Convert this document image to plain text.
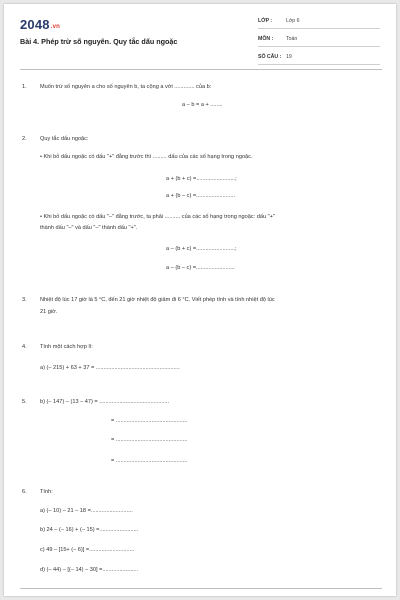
2048.vn
Bài 4. Phép trừ số nguyên. Quy tắc dấu ngoặc
LỚP :	Lớp 6
MÔN :	Toán
SỐ CÂU : 19
1. Muốn trừ số nguyên a cho số nguyên b, ta cộng a với ............. của b:
a – b = a + ........
2. Quy tắc dấu ngoặc:
• Khi bỏ dấu ngoặc có dấu "+" đằng trước thì ......... dấu của các số hạng trong ngoặc.
a + (b + c) =.........................;
a + (b – c) =.........................
• Khi bỏ dấu ngoặc có dấu "–" đằng trước, ta phải .......... của các số hạng trong ngoặc: dấu "+"
thành dấu "–" và dấu "–" thành dấu "+".
a – (b + c) =.........................;
a – (b – c) =.........................
3. Nhiệt độ lúc 17 giờ là 5 °C, đến 21 giờ nhiệt độ giảm đi 6 °C. Viết phép tính và tính nhiệt độ lúc
21 giờ.
4. Tính một cách hợp lí:
a) (– 215) + 63 + 37 = ......................................................
5. b) (– 147) – (13 – 47) = .............................................
= ..............................................
= ..............................................
= ..............................................
6. Tính:
a) (– 10) – 21 – 18 =...........................
b) 24 – (– 16) + (– 15) =.........................
c) 49 – [15+ (– 6)] =.............................
d) (– 44) – [(– 14) – 30] =.......................
